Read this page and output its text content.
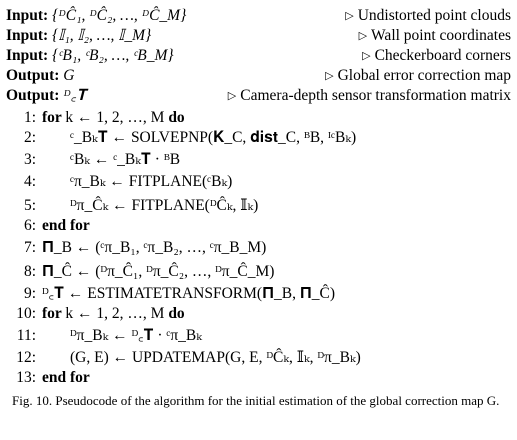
Input: {ᴰĈ₁, ᴰĈ₂, …, ᴰĈ_M}	▷ Undistorted point clouds
Input: {𝕀₁, 𝕀₂, …, 𝕀_M}	▷ Wall point coordinates
Input: {ᶜB₁, ᶜB₂, …, ᶜB_M}	▷ Checkerboard corners
Output: G	▷ Global error correction map
Output: ᴰ꜀𝐓	▷ Camera-depth sensor transformation matrix
1: for k ← 1, 2, …, M do
2: ᶜ_Bₖ𝐓 ← SOLVEPNP(𝐊_C, 𝐝𝐢𝐬𝐭_C, ᴮB, ᴵᶜBₖ)
3: ᶜBₖ ← ᶜ_Bₖ𝐓 · ᴮB
4: ᶜπ_Bₖ ← FITPLANE(ᶜBₖ)
5: ᴰπ_Ĉₖ ← FITPLANE(ᴰĈₖ, 𝕀ₖ)
6: end for
7: 𝚷_B ← (ᶜπ_B₁, ᶜπ_B₂, …, ᶜπ_B_M)
8: 𝚷_Ĉ ← (ᴰπ_Ĉ₁, ᴰπ_Ĉ₂, …, ᴰπ_Ĉ_M)
9: ᴰ꜀𝐓 ← ESTIMATETRANSFORM(𝚷_B, 𝚷_Ĉ)
10: for k ← 1, 2, …, M do
11: ᴰπ_Bₖ ← ᴰ꜀𝐓 · ᶜπ_Bₖ
12: (G, E) ← UPDATEMAP(G, E, ᴰĈₖ, 𝕀ₖ, ᴰπ_Bₖ)
13: end for
Fig. 10. Pseudocode of the algorithm for the initial estimation of the global correction map G.
